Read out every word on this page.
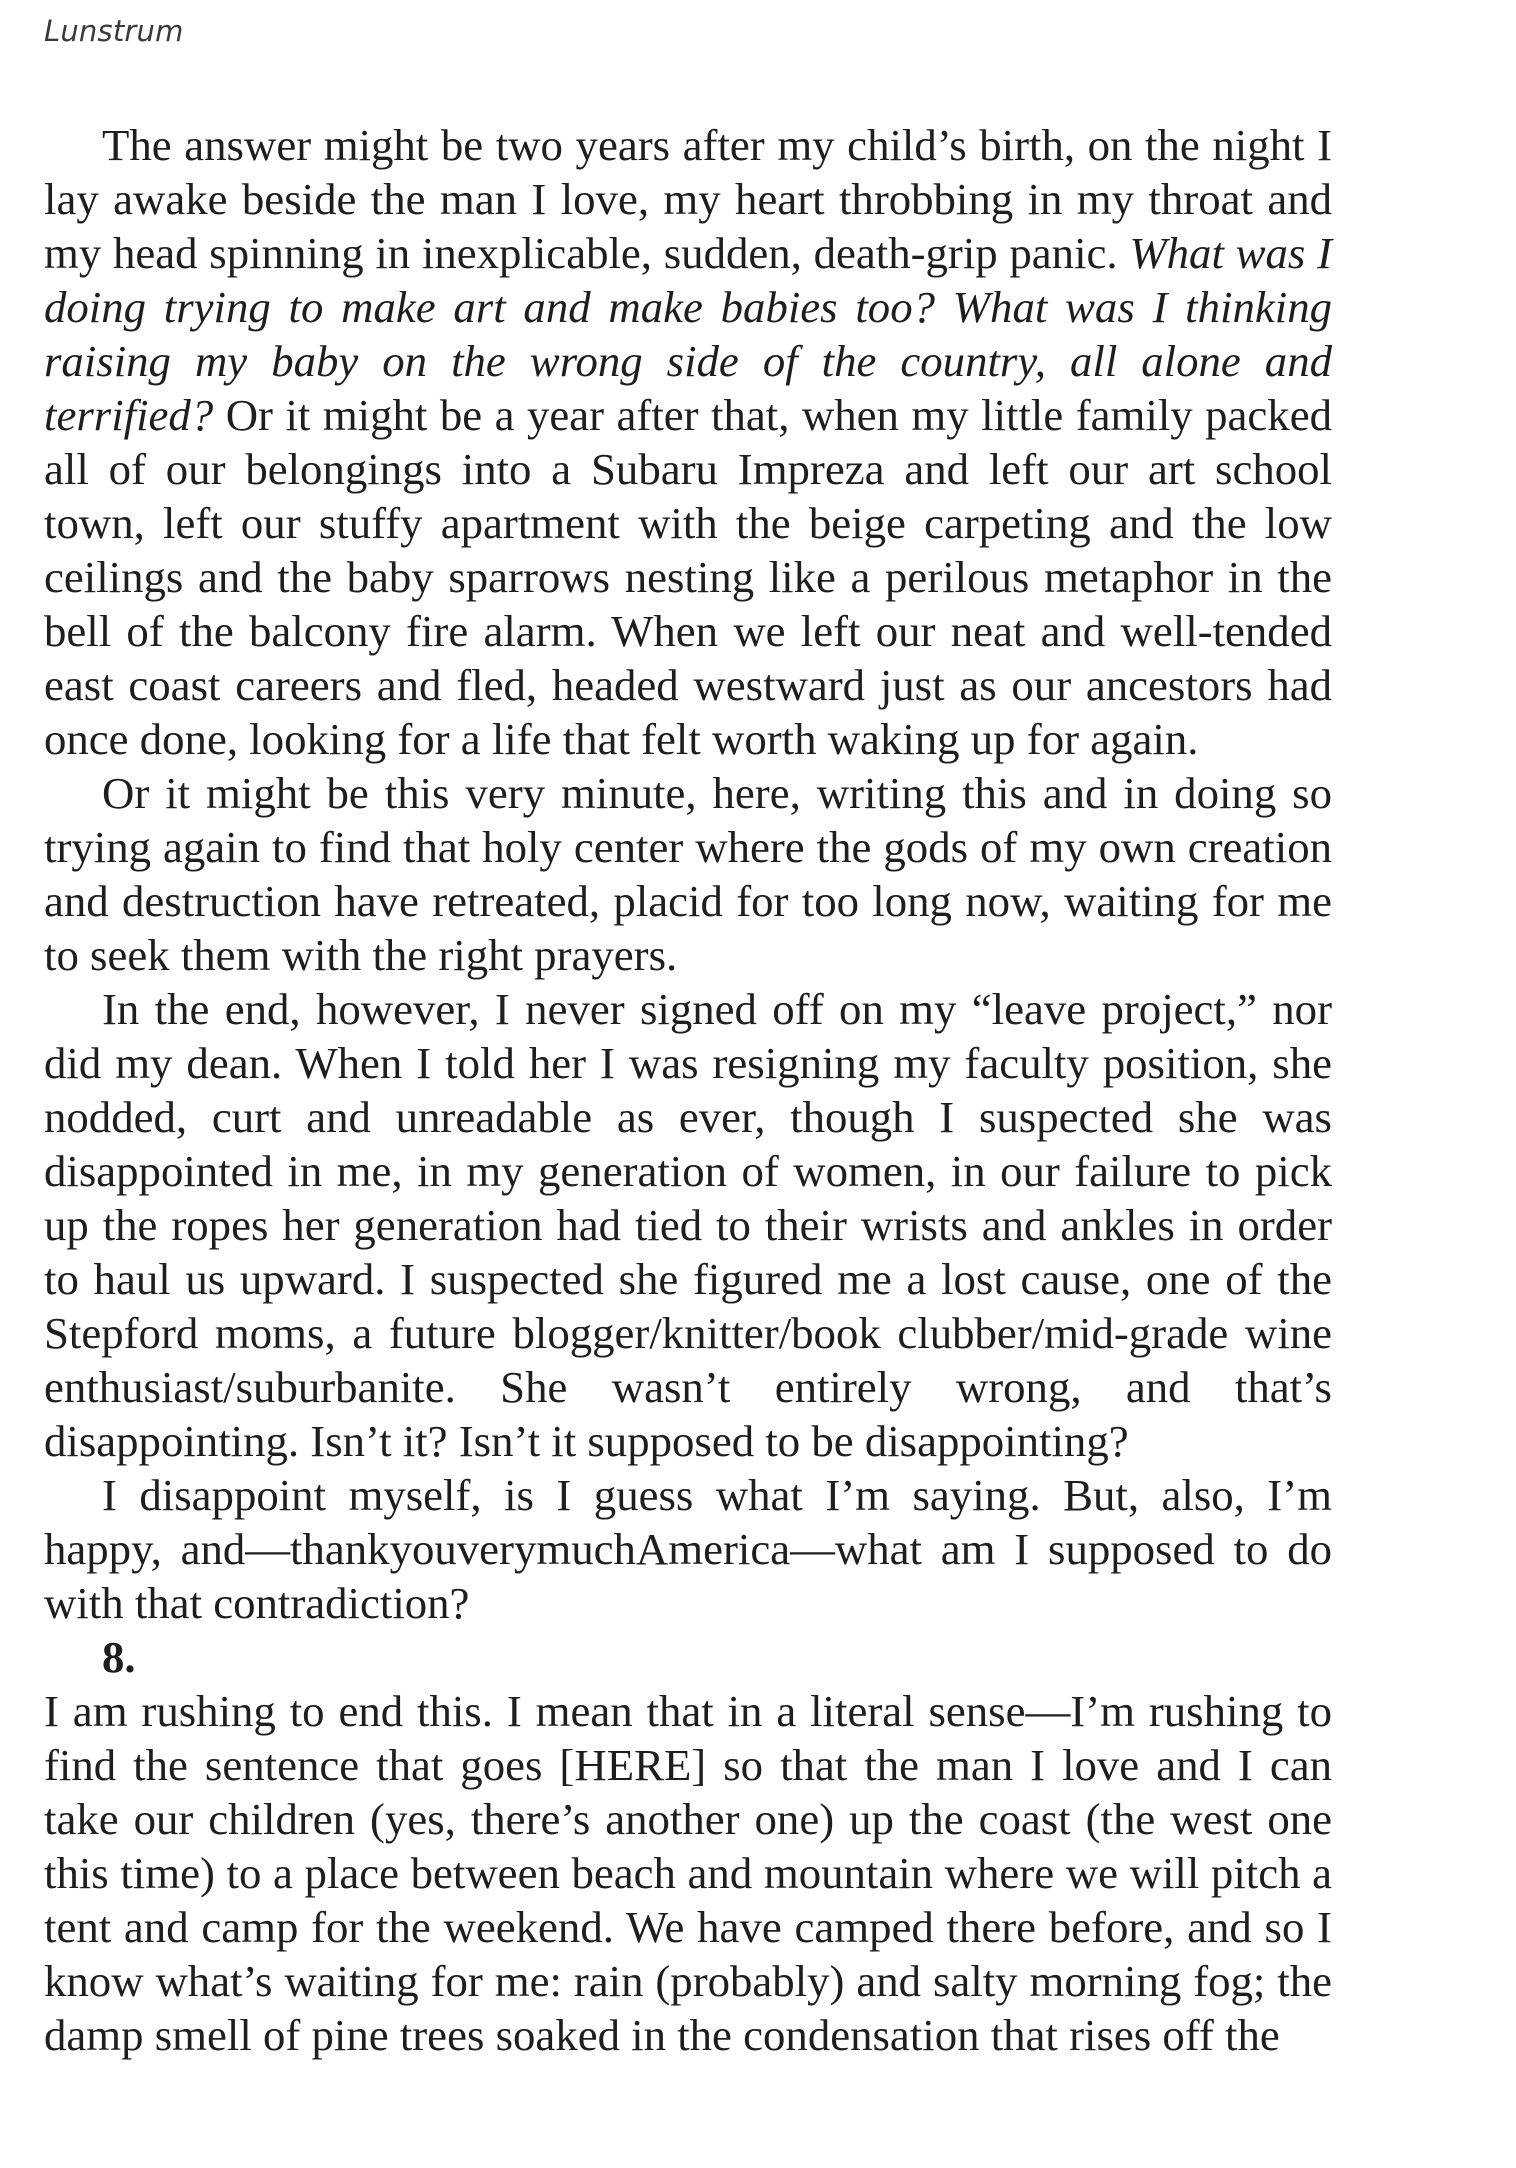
Lunstrum

The answer might be two years after my child’s birth, on the night I lay awake beside the man I love, my heart throbbing in my throat and my head spinning in inexplicable, sudden, death-grip panic. What was I doing trying to make art and make babies too? What was I thinking raising my baby on the wrong side of the country, all alone and terrified? Or it might be a year after that, when my little family packed all of our belongings into a Subaru Impreza and left our art school town, left our stuffy apartment with the beige carpeting and the low ceilings and the baby sparrows nesting like a perilous metaphor in the bell of the balcony fire alarm. When we left our neat and well-tended east coast careers and fled, headed westward just as our ancestors had once done, looking for a life that felt worth waking up for again.

Or it might be this very minute, here, writing this and in doing so trying again to find that holy center where the gods of my own creation and destruction have retreated, placid for too long now, waiting for me to seek them with the right prayers.

In the end, however, I never signed off on my “leave project,” nor did my dean. When I told her I was resigning my faculty position, she nodded, curt and unreadable as ever, though I suspected she was disappointed in me, in my generation of women, in our failure to pick up the ropes her generation had tied to their wrists and ankles in order to haul us upward. I suspected she figured me a lost cause, one of the Stepford moms, a future blogger/knitter/book clubber/mid-grade wine enthusiast/suburbanite. She wasn’t entirely wrong, and that’s disappointing. Isn’t it? Isn’t it supposed to be disappointing?

I disappoint myself, is I guess what I’m saying. But, also, I’m happy, and—thankyouverymuchAmerica—what am I supposed to do with that contradiction?

8.

I am rushing to end this. I mean that in a literal sense—I’m rushing to find the sentence that goes [HERE] so that the man I love and I can take our children (yes, there’s another one) up the coast (the west one this time) to a place between beach and mountain where we will pitch a tent and camp for the weekend. We have camped there before, and so I know what’s waiting for me: rain (probably) and salty morning fog; the damp smell of pine trees soaked in the condensation that rises off the
